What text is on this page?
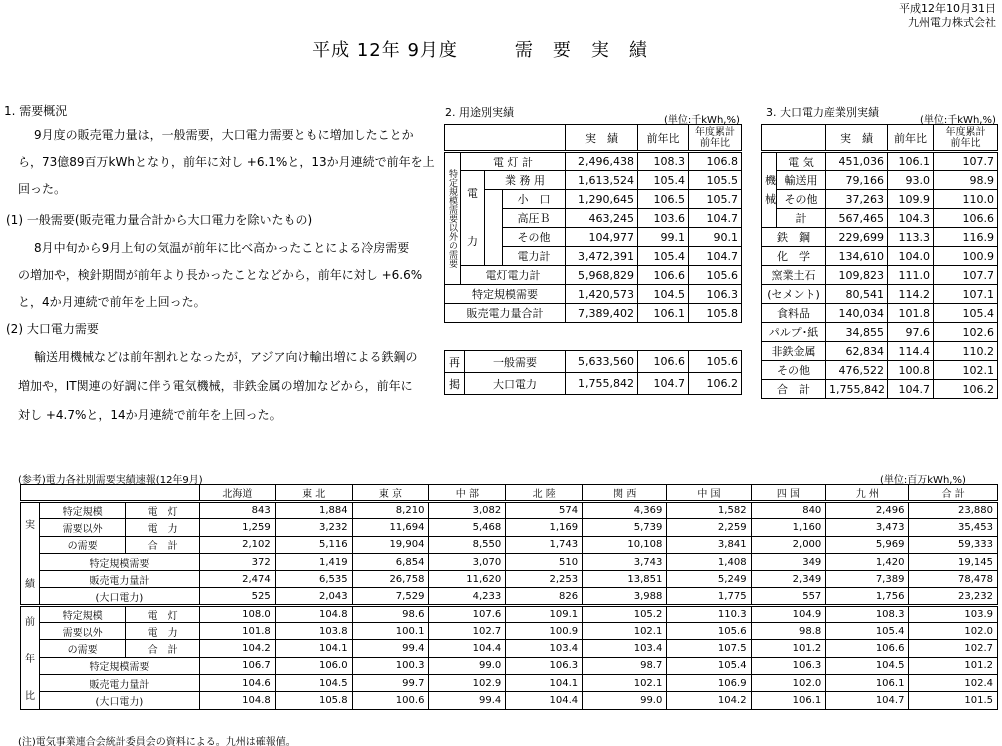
平成12年10月31日
九州電力株式会社
平成 12年 9月度　　　需　要　実　績

1. 需要概況

9月度の販売電力量は，一般需要，大口電力需要ともに増加したことか

ら，73億89百万kWhとなり，前年に対し +6.1%と，13か月連続で前年を上

回った。

(1) 一般需要(販売電力量合計から大口電力を除いたもの)

8月中旬から9月上旬の気温が前年に比べ高かったことによる冷房需要

の増加や，検針期間が前年より長かったことなどから，前年に対し +6.6%

と，4か月連続で前年を上回った。

(2) 大口電力需要

輸送用機械などは前年割れとなったが，アジア向け輸出増による鉄鋼の

増加や，IT関連の好調に伴う電気機械，非鉄金属の増加などから，前年に

対し +4.7%と，14か月連続で前年を上回った。

2. 用途別実績
(単位:千kWh,%)
				実　績	前年比	年度累計
前年比
特定規模需要以外の需要	電 灯 計			2,496,438	108.3	106.8
	電

力	業 務 用		1,613,524	105.4	105.5
			小　口	1,290,645	106.5	105.7
			高圧Ｂ	463,245	103.6	104.7
			その他	104,977	99.1	90.1
			電力計	3,472,391	105.4	104.7
	電灯電力計			5,968,829	106.6	105.6
特定規模需要				1,420,573	104.5	106.3
販売電力量合計				7,389,402	106.1	105.8
再	一般需要	5,633,560	106.6	105.6
掲	大口電力	1,755,842	104.7	106.2
3. 大口電力産業別実績
(単位:千kWh,%)
		実　績	前年比	年度累計
前年比
	電 気	451,036	106.1	107.7
機	輸送用	79,166	93.0	98.9
械	その他	37,263	109.9	110.0
	計	567,465	104.3	106.6
鉄　鋼		229,699	113.3	116.9
化　学		134,610	104.0	100.9
窯業土石		109,823	111.0	107.7
(セメント)		80,541	114.2	107.1
食料品		140,034	101.8	105.4
パルプ･紙		34,855	97.6	102.6
非鉄金属		62,834	114.4	110.2
その他		476,522	100.8	102.1
合　計		1,755,842	104.7	106.2
(参考)電力各社別需要実績速報(12年9月)	(単位:百万kWh,%)
			北海道	東 北	東 京	中 部	北 陸	関 西	中 国	四 国	九 州	合 計
実

績	特定規模	電　灯	843	1,884	8,210	3,082	574	4,369	1,582	840	2,496	23,880
	需要以外	電　力	1,259	3,232	11,694	5,468	1,169	5,739	2,259	1,160	3,473	35,453
	の需要	合　計	2,102	5,116	19,904	8,550	1,743	10,108	3,841	2,000	5,969	59,333
	特定規模需要		372	1,419	6,854	3,070	510	3,743	1,408	349	1,420	19,145
	販売電力量計		2,474	6,535	26,758	11,620	2,253	13,851	5,249	2,349	7,389	78,478
	(大口電力)		525	2,043	7,529	4,233	826	3,988	1,775	557	1,756	23,232
前

年

比	特定規模	電　灯	108.0	104.8	98.6	107.6	109.1	105.2	110.3	104.9	108.3	103.9
	需要以外	電　力	101.8	103.8	100.1	102.7	100.9	102.1	105.6	98.8	105.4	102.0
	の需要	合　計	104.2	104.1	99.4	104.4	103.4	103.4	107.5	101.2	106.6	102.7
	特定規模需要		106.7	106.0	100.3	99.0	106.3	98.7	105.4	106.3	104.5	101.2
	販売電力量計		104.6	104.5	99.7	102.9	104.1	102.1	106.9	102.0	106.1	102.4
	(大口電力)		104.8	105.8	100.6	99.4	104.4	99.0	104.2	106.1	104.7	101.5
(注)電気事業連合会統計委員会の資料による。九州は確報値。
